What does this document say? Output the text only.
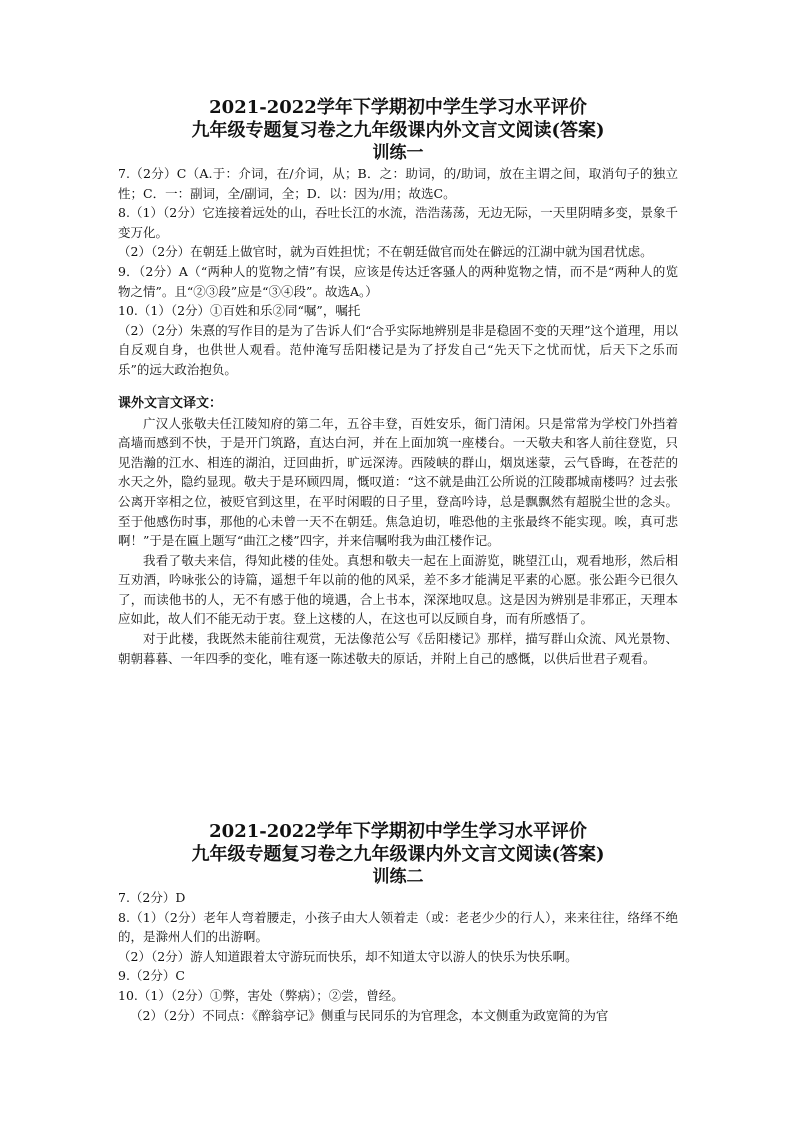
2021-2022学年下学期初中学生学习水平评价

九年级专题复习卷之九年级课内外文言文阅读(答案)

训练一

7.（2分）C（A.于：介词，在/介词，从；B．之：助词，的/助词，放在主谓之间，取消句子的独立性；C．一：副词，全/副词，全；D．以：因为/用；故选C。

8.（1）（2分）它连接着远处的山，吞吐长江的水流，浩浩荡荡，无边无际，一天里阴晴多变，景象千变万化。

（2）（2分）在朝廷上做官时，就为百姓担忧；不在朝廷做官而处在僻远的江湖中就为国君忧虑。

9．（2分）A（“两种人的览物之情”有误，应该是传达迁客骚人的两种览物之情，而不是“两种人的览物之情”。且“②③段”应是“③④段”。故选A。）

10.（1）（2分）①百姓和乐②同“嘱”，嘱托

（2）（2分）朱熹的写作目的是为了告诉人们“合乎实际地辨别是非是稳固不变的天理”这个道理，用以自反观自身，也供世人观看。范仲淹写岳阳楼记是为了抒发自己“先天下之忧而忧，后天下之乐而乐”的远大政治抱负。

课外文言文译文：

广汉人张敬夫任江陵知府的第二年，五谷丰登，百姓安乐，衙门清闲。只是常常为学校门外挡着高墙而感到不快，于是开门筑路，直达白河，并在上面加筑一座楼台。一天敬夫和客人前往登览，只见浩瀚的江水、相连的湖泊，迂回曲折，旷远深涛。西陵峡的群山，烟岚迷蒙，云气昏晦，在苍茫的水天之外，隐约显现。敬夫于是环顾四周，慨叹道：“这不就是曲江公所说的江陵郡城南楼吗？过去张公离开宰相之位，被贬官到这里，在平时闲暇的日子里，登高吟诗，总是飘飘然有超脱尘世的念头。至于他感伤时事，那他的心未曾一天不在朝廷。焦急迫切，唯恐他的主张最终不能实现。唉，真可悲啊！”于是在匾上题写“曲江之楼”四字，并来信嘱咐我为曲江楼作记。

我看了敬夫来信，得知此楼的佳处。真想和敬夫一起在上面游览，眺望江山，观看地形，然后相互劝酒，吟咏张公的诗篇，遥想千年以前的他的风采，差不多才能满足平素的心愿。张公距今已很久了，而读他书的人，无不有感于他的境遇，合上书本，深深地叹息。这是因为辨别是非邪正，天理本应如此，故人们不能无动于衷。登上这楼的人，在这也可以反顾自身，而有所感悟了。

对于此楼，我既然未能前往观赏，无法像范公写《岳阳楼记》那样，描写群山众流、风光景物、朝朝暮暮、一年四季的变化，唯有逐一陈述敬夫的原话，并附上自己的感慨，以供后世君子观看。

2021-2022学年下学期初中学生学习水平评价

九年级专题复习卷之九年级课内外文言文阅读(答案)

训练二

7.（2分）D

8.（1）（2分）老年人弯着腰走，小孩子由大人领着走（或：老老少少的行人），来来往往，络绎不绝的，是滁州人们的出游啊。

（2）（2分）游人知道跟着太守游玩而快乐，却不知道太守以游人的快乐为快乐啊。

9.（2分）C

10.（1）（2分）①弊，害处（弊病）；②尝，曾经。

（2）（2分）不同点：《醉翁亭记》侧重与民同乐的为官理念，本文侧重为政宽简的为官
